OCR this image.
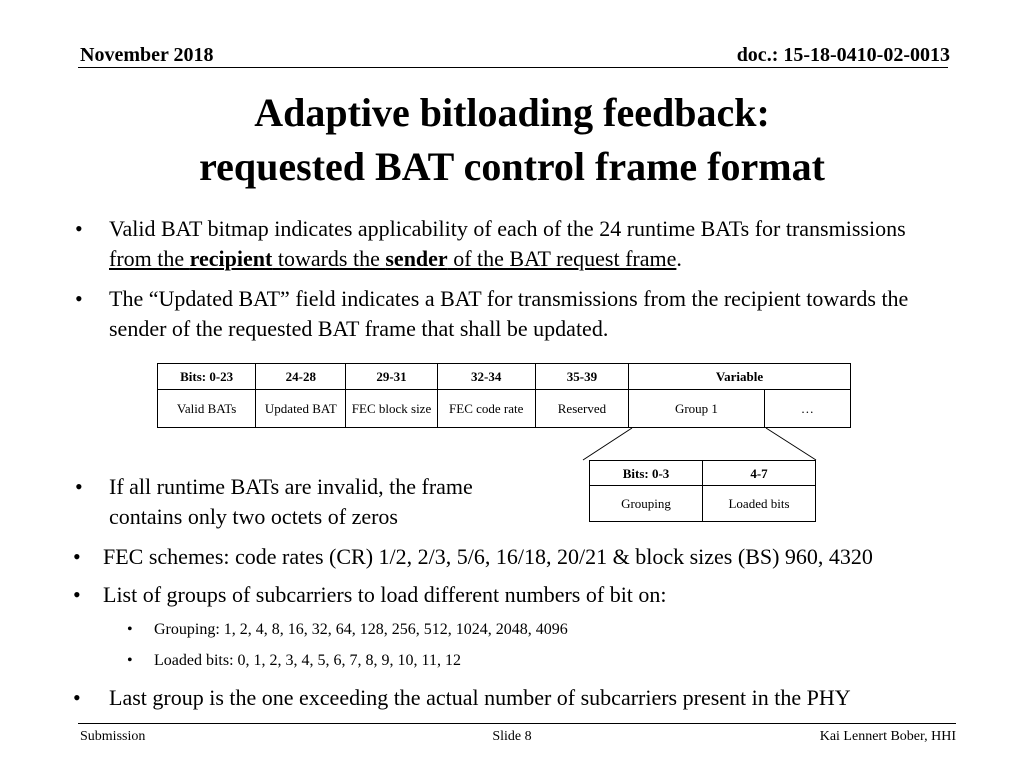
November 2018	doc.: 15-18-0410-02-0013
Adaptive bitloading feedback:
requested BAT control frame format
• Valid BAT bitmap indicates applicability of each of the 24 runtime BATs for transmissions from the recipient towards the sender of the BAT request frame.
• The “Updated BAT” field indicates a BAT for transmissions from the recipient towards the sender of the requested BAT frame that shall be updated.
Bits: 0-23	24-28	29-31	32-34	35-39	Variable	
Valid BATs	Updated BAT	FEC block size	FEC code rate	Reserved	Group 1	…
Bits: 0-3	4-7
Grouping	Loaded bits
• If all runtime BATs are invalid, the frame contains only two octets of zeros
• FEC schemes: code rates (CR) 1/2, 2/3, 5/6, 16/18, 20/21 & block sizes (BS) 960, 4320
• List of groups of subcarriers to load different numbers of bit on:
• Grouping: 1, 2, 4, 8, 16, 32, 64, 128, 256, 512, 1024, 2048, 4096
• Loaded bits: 0, 1, 2, 3, 4, 5, 6, 7, 8, 9, 10, 11, 12
• Last group is the one exceeding the actual number of subcarriers present in the PHY
Submission	Slide 8	Kai Lennert Bober, HHI
